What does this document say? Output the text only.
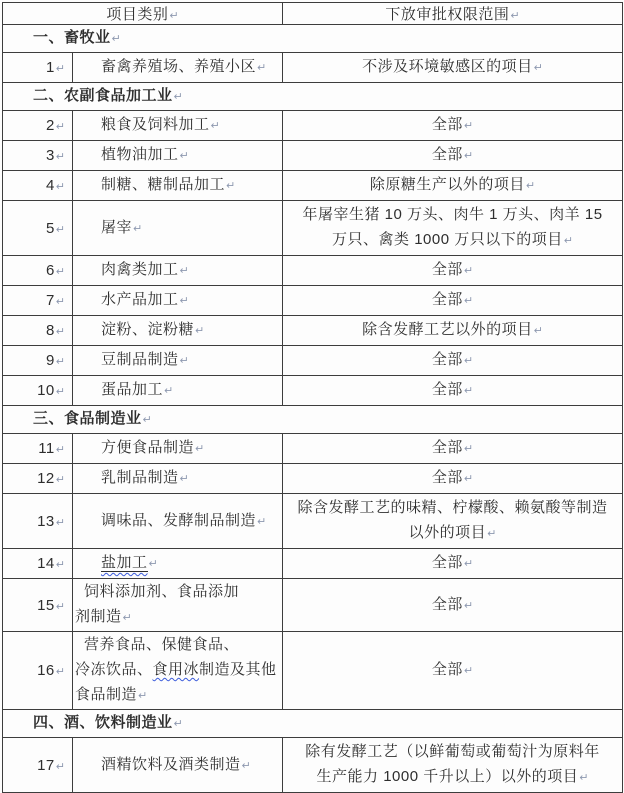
项目类别↵		下放审批权限范围↵
一、畜牧业↵		
1↵	畜禽养殖场、养殖小区↵	不涉及环境敏感区的项目↵

二、农副食品加工业↵		
2↵	粮食及饲料加工↵	全部↵

3↵	植物油加工↵	全部↵

4↵	制糖、糖制品加工↵	除原糖生产以外的项目↵

5↵	屠宰↵	年屠宰生猪 10 万头、肉牛 1 万头、肉羊 15
万只、禽类 1000 万只以下的项目↵

6↵	肉禽类加工↵	全部↵

7↵	水产品加工↵	全部↵

8↵	淀粉、淀粉糖↵	除含发酵工艺以外的项目↵

9↵	豆制品制造↵	全部↵

10↵	蛋品加工↵	全部↵

三、食品制造业↵		
11↵	方便食品制造↵	全部↵

12↵	乳制品制造↵	全部↵

13↵	调味品、发酵制品制造↵	除含发酵工艺的味精、柠檬酸、赖氨酸等制造
以外的项目↵

14↵	盐加工↵	全部↵

15↵	饲料添加剂、食品添加
剂制造↵	全部↵

16↵	营养食品、保健食品、
冷冻饮品、食用冰制造及其他
食品制造↵	全部↵

四、酒、饮料制造业↵		
17↵	酒精饮料及酒类制造↵	除有发酵工艺（以鲜葡萄或葡萄汁为原料年
生产能力 1000 千升以上）以外的项目↵
